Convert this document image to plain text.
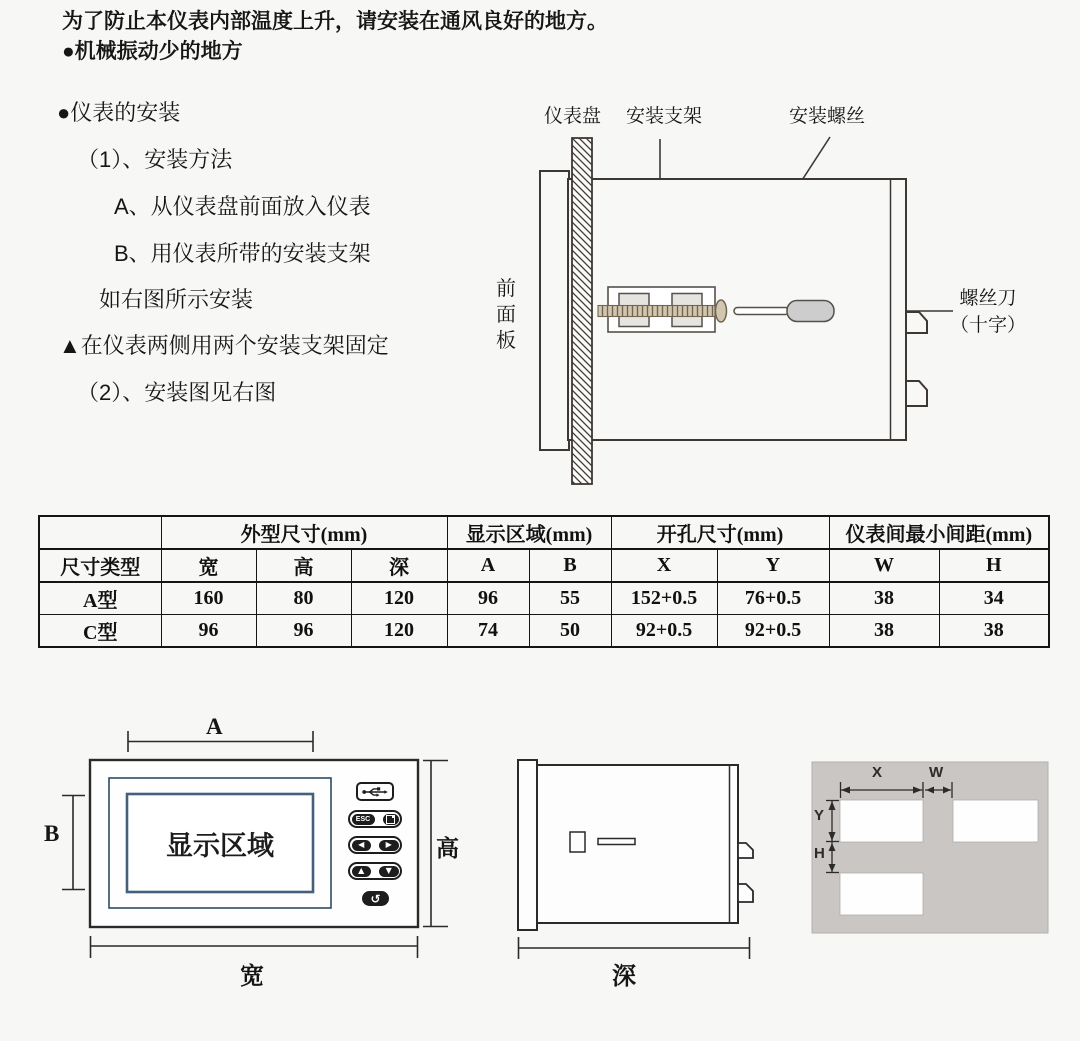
为了防止本仪表内部温度上升，请安装在通风良好的地方。
●机械振动少的地方
●仪表的安装
（1）、安装方法
A、从仪表盘前面放入仪表
B、用仪表所带的安装支架
如右图所示安装
▲在仪表两侧用两个安装支架固定
（2）、安装图见右图
仪表盘 安装支架	安装螺丝
前面板
螺丝刀
（十字）
	外型尺寸(mm)			显示区域(mm)		开孔尺寸(mm)		仪表间最小间距(mm)	
尺寸类型	宽	高	深	A	B	X	Y	W	H
A型	160	80	120	96	55	152+0.5	76+0.5	38	34
C型	96	96	120	74	50	92+0.5	92+0.5	38	38
A
B
高
宽
显示区域
ESC
◀	▶
▲	▼
↺
深
X	W
Y
H
